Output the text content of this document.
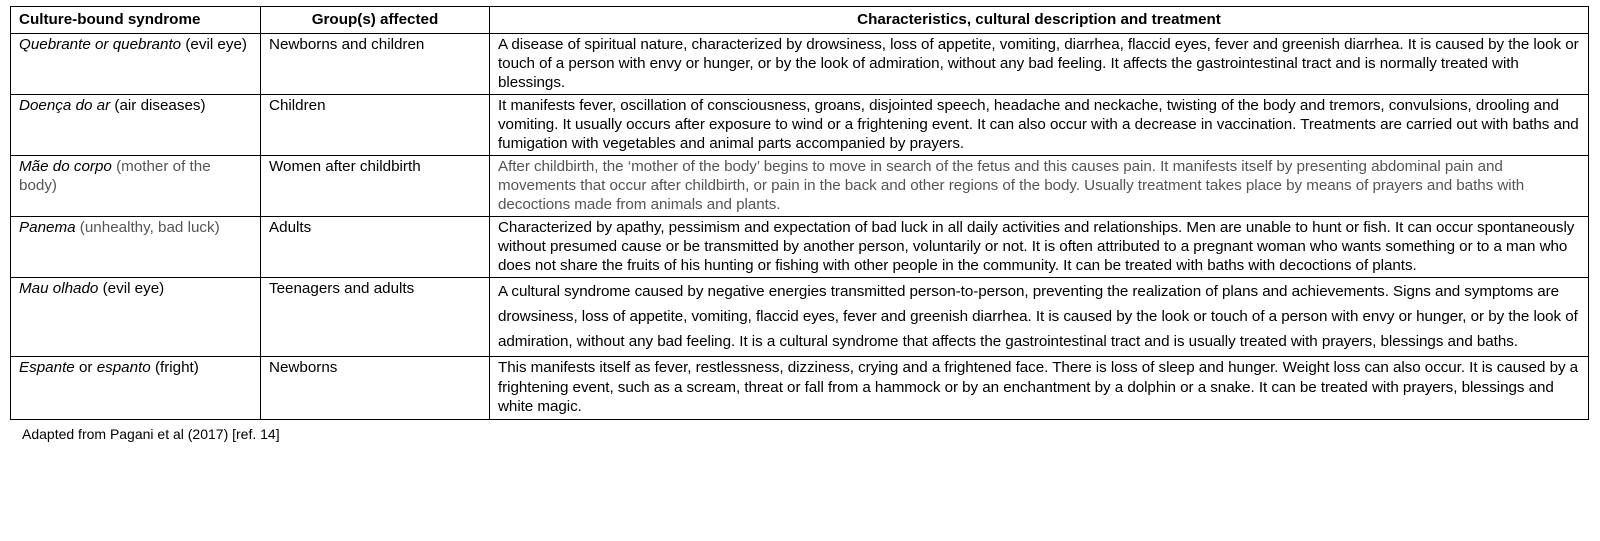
Culture-bound syndrome	Group(s) affected	Characteristics, cultural description and treatment
Quebrante or quebranto (evil eye)	Newborns and children	A disease of spiritual nature, characterized by drowsiness, loss of appetite, vomiting, diarrhea, flaccid eyes, fever and greenish diarrhea. It is caused by the look or touch of a person with envy or hunger, or by the look of admiration, without any bad feeling. It affects the gastrointestinal tract and is normally treated with blessings.
Doença do ar (air diseases)	Children	It manifests fever, oscillation of consciousness, groans, disjointed speech, headache and neckache, twisting of the body and tremors, convulsions, drooling and vomiting. It usually occurs after exposure to wind or a frightening event. It can also occur with a decrease in vaccination. Treatments are carried out with baths and fumigation with vegetables and animal parts accompanied by prayers.
Mãe do corpo (mother of the body)	Women after childbirth	After childbirth, the ‘mother of the body’ begins to move in search of the fetus and this causes pain. It manifests itself by presenting abdominal pain and movements that occur after childbirth, or pain in the back and other regions of the body. Usually treatment takes place by means of prayers and baths with decoctions made from animals and plants.
Panema (unhealthy, bad luck)	Adults	Characterized by apathy, pessimism and expectation of bad luck in all daily activities and relationships. Men are unable to hunt or fish. It can occur spontaneously without presumed cause or be transmitted by another person, voluntarily or not. It is often attributed to a pregnant woman who wants something or to a man who does not share the fruits of his hunting or fishing with other people in the community. It can be treated with baths with decoctions of plants.
Mau olhado (evil eye)	Teenagers and adults	A cultural syndrome caused by negative energies transmitted person-to-person, preventing the realization of plans and achievements. Signs and symptoms are drowsiness, loss of appetite, vomiting, flaccid eyes, fever and greenish diarrhea. It is caused by the look or touch of a person with envy or hunger, or by the look of admiration, without any bad feeling. It is a cultural syndrome that affects the gastrointestinal tract and is usually treated with prayers, blessings and baths.
Espante or espanto (fright)	Newborns	This manifests itself as fever, restlessness, dizziness, crying and a frightened face. There is loss of sleep and hunger. Weight loss can also occur. It is caused by a frightening event, such as a scream, threat or fall from a hammock or by an enchantment by a dolphin or a snake. It can be treated with prayers, blessings and white magic.
Adapted from Pagani et al (2017) [ref. 14]
